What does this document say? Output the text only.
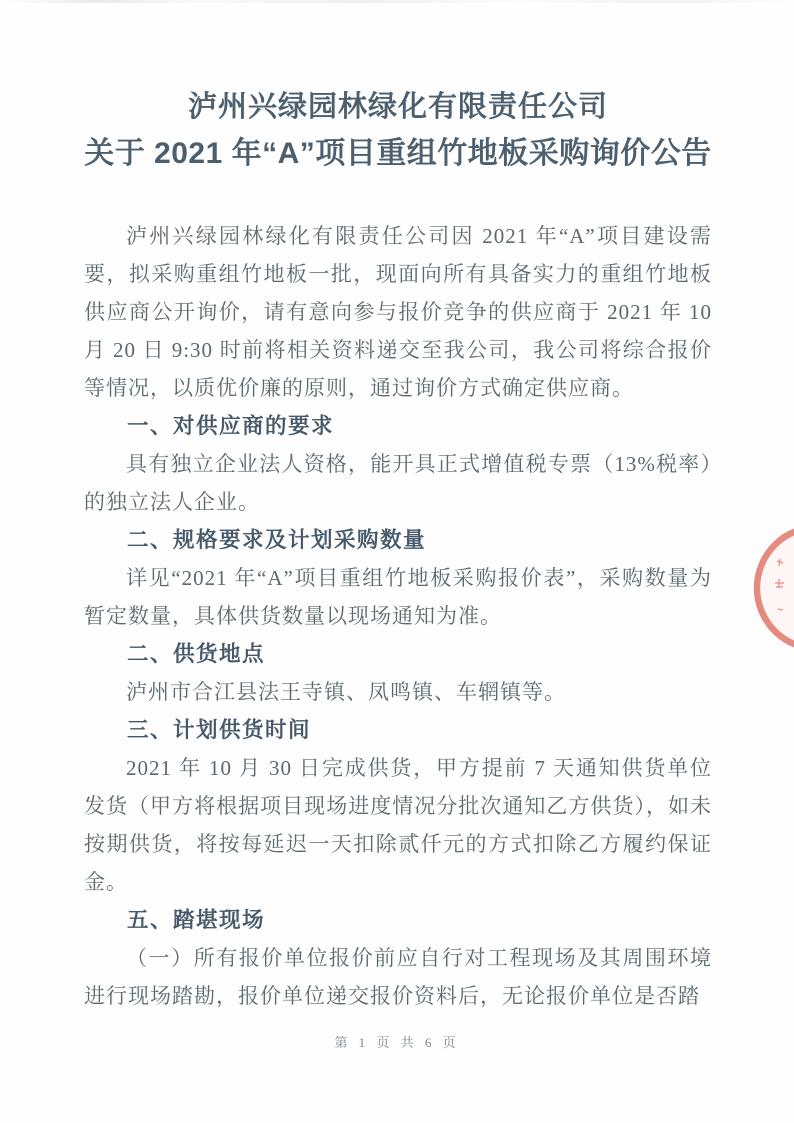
泸州兴绿园林绿化有限责任公司
关于 2021 年“A”项目重组竹地板采购询价公告

泸州兴绿园林绿化有限责任公司因 2021 年“A”项目建设需要，拟采购重组竹地板一批，现面向所有具备实力的重组竹地板供应商公开询价，请有意向参与报价竞争的供应商于 2021 年 10 月 20 日 9:30 时前将相关资料递交至我公司，我公司将综合报价等情况，以质优价廉的原则，通过询价方式确定供应商。

一、对供应商的要求

具有独立企业法人资格，能开具正式增值税专票（13%税率）的独立法人企业。

二、规格要求及计划采购数量

详见“2021 年“A”项目重组竹地板采购报价表”，采购数量为暂定数量，具体供货数量以现场通知为准。

二、供货地点

泸州市合江县法王寺镇、凤鸣镇、车辋镇等。

三、计划供货时间

2021 年 10 月 30 日完成供货，甲方提前 7 天通知供货单位发货（甲方将根据项目现场进度情况分批次通知乙方供货），如未按期供货，将按每延迟一天扣除贰仟元的方式扣除乙方履约保证金。

五、踏堪现场

（一）所有报价单位报价前应自行对工程现场及其周围环境进行现场踏勘，报价单位递交报价资料后，无论报价单位是否踏

第 1 页 共 6 页
